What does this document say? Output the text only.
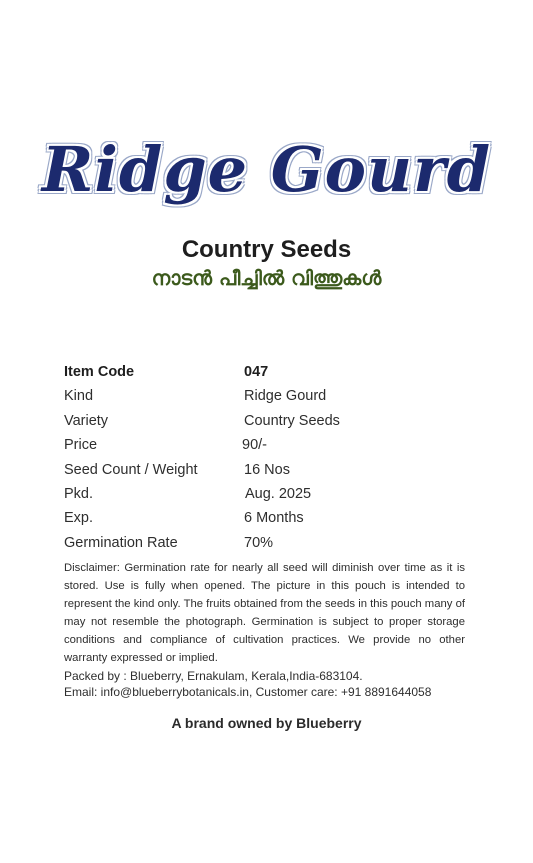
Ridge Gourd
Country Seeds
നാടൻ പീച്ചിൽ വിത്തുകൾ
Item Code	047
Kind	Ridge Gourd
Variety	Country Seeds
Price	90/-
Seed Count / Weight	16 Nos
Pkd.	Aug. 2025
Exp.	6 Months
Germination Rate	70%
Disclaimer: Germination rate for nearly all seed will diminish over time as it is stored. Use is fully when opened. The picture in this pouch is intended to represent the kind only. The fruits obtained from the seeds in this pouch many of may not resemble the photograph. Germination is subject to proper storage conditions and compliance of cultivation practices. We provide no other warranty expressed or implied.
Packed by : Blueberry, Ernakulam, Kerala,India-683104.
Email: info@blueberrybotanicals.in, Customer care: +91 8891644058
A brand owned by Blueberry
